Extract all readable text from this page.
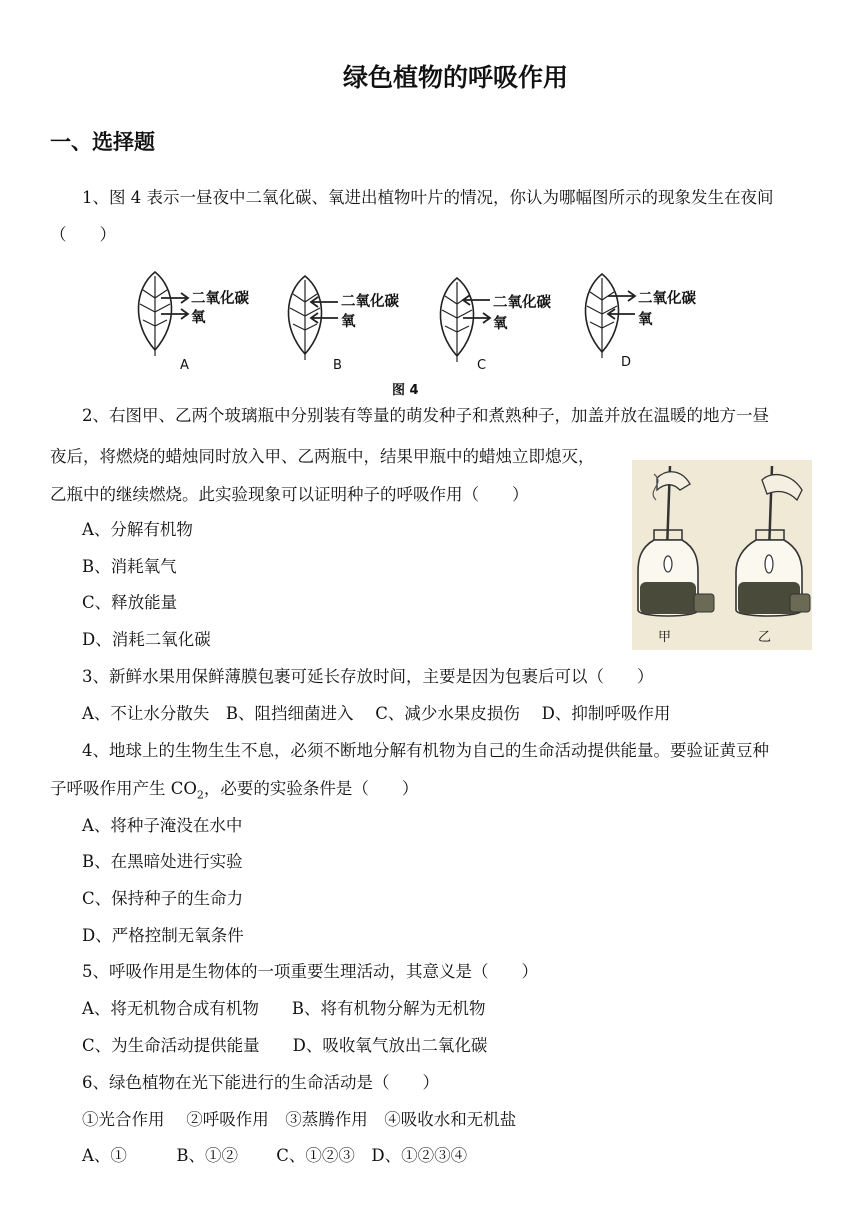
绿色植物的呼吸作用
一、选择题
1、图 4 表示一昼夜中二氧化碳、氧进出植物叶片的情况，你认为哪幅图所示的现象发生在夜间
（　　）
二氧化碳
氧
A
二氧化碳
氧
B
二氧化碳
氧
C
二氧化碳
氧
D
图 4
2、右图甲、乙两个玻璃瓶中分别装有等量的萌发种子和煮熟种子，加盖并放在温暖的地方一昼
夜后，将燃烧的蜡烛同时放入甲、乙两瓶中，结果甲瓶中的蜡烛立即熄灭，
乙瓶中的继续燃烧。此实验现象可以证明种子的呼吸作用（　　）
A、分解有机物
B、消耗氧气
C、释放能量
D、消耗二氧化碳	甲	乙
3、新鲜水果用保鲜薄膜包裹可延长存放时间，主要是因为包裹后可以（　　）
A、不让水分散失　B、阻挡细菌进入　 C、减少水果皮损伤　 D、抑制呼吸作用
4、地球上的生物生生不息，必须不断地分解有机物为自己的生命活动提供能量。要验证黄豆种
子呼吸作用产生 $CO_2$，必要的实验条件是（　　）
A、将种子淹没在水中
B、在黑暗处进行实验
C、保持种子的生命力
D、严格控制无氧条件
5、呼吸作用是生物体的一项重要生理活动，其意义是（　　）
A、将无机物合成有机物　　B、将有机物分解为无机物
C、为生命活动提供能量　　D、吸收氧气放出二氧化碳
6、绿色植物在光下能进行的生命活动是（　　）
①光合作用　 ②呼吸作用　③蒸腾作用　④吸收水和无机盐
A、①　　　B、①②　　 C、①②③　D、①②③④
